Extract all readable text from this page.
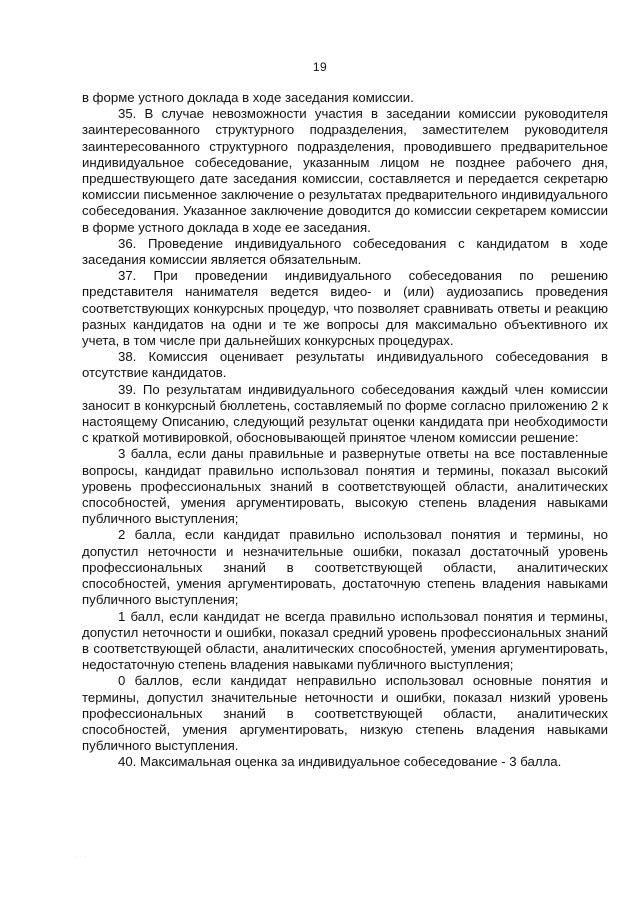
19

в форме устного доклада в ходе заседания комиссии.

35. В случае невозможности участия в заседании комиссии руководителя заинтересованного структурного подразделения, заместителем руководителя заинтересованного структурного подразделения, проводившего предварительное индивидуальное собеседование, указанным лицом не позднее рабочего дня, предшествующего дате заседания комиссии, составляется и передается секретарю комиссии письменное заключение о результатах предварительного индивидуального собеседования. Указанное заключение доводится до комиссии секретарем комиссии в форме устного доклада в ходе ее заседания.

36. Проведение индивидуального собеседования с кандидатом в ходе заседания комиссии является обязательным.

37. При проведении индивидуального собеседования по решению представителя нанимателя ведется видео- и (или) аудиозапись проведения соответствующих конкурсных процедур, что позволяет сравнивать ответы и реакцию разных кандидатов на одни и те же вопросы для максимально объективного их учета, в том числе при дальнейших конкурсных процедурах.

38. Комиссия оценивает результаты индивидуального собеседования в отсутствие кандидатов.

39. По результатам индивидуального собеседования каждый член комиссии заносит в конкурсный бюллетень, составляемый по форме согласно приложению 2 к настоящему Описанию, следующий результат оценки кандидата при необходимости с краткой мотивировкой, обосновывающей принятое членом комиссии решение:

3 балла, если даны правильные и развернутые ответы на все поставленные вопросы, кандидат правильно использовал понятия и термины, показал высокий уровень профессиональных знаний в соответствующей области, аналитических способностей, умения аргументировать, высокую степень владения навыками публичного выступления;

2 балла, если кандидат правильно использовал понятия и термины, но допустил неточности и незначительные ошибки, показал достаточный уровень профессиональных знаний в соответствующей области, аналитических способностей, умения аргументировать, достаточную степень владения навыками публичного выступления;

1 балл, если кандидат не всегда правильно использовал понятия и термины, допустил неточности и ошибки, показал средний уровень профессиональных знаний в соответствующей области, аналитических способностей, умения аргументировать, недостаточную степень владения навыками публичного выступления;

0 баллов, если кандидат неправильно использовал основные понятия и термины, допустил значительные неточности и ошибки, показал низкий уровень профессиональных знаний в соответствующей области, аналитических способностей, умения аргументировать, низкую степень владения навыками публичного выступления.

40. Максимальная оценка за индивидуальное собеседование - 3 балла.

· ·
